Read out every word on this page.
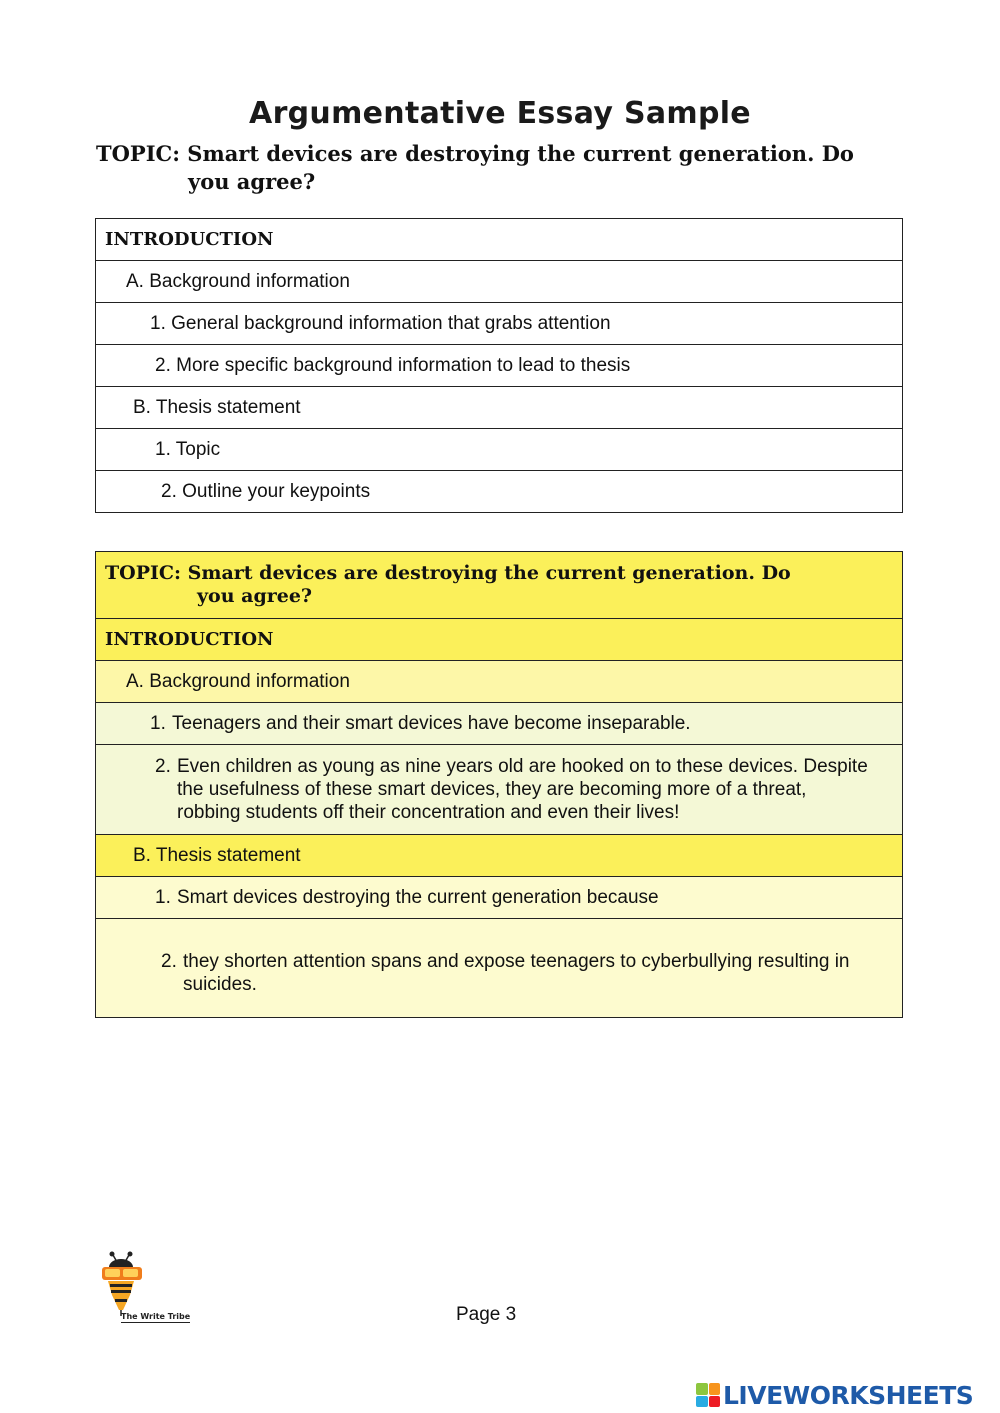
Argumentative Essay Sample
TOPIC: Smart devices are destroying the current generation. Do
you agree?
INTRODUCTION
A. Background information
1. General background information that grabs attention
2. More specific background information to lead to thesis
B. Thesis statement
1. Topic
2. Outline your keypoints
TOPIC: Smart devices are destroying the current generation. Do
you agree?

INTRODUCTION
A. Background information

1. Teenagers and their smart devices have become inseparable.

2. Even children as young as nine years old are hooked on to these devices. Despite the usefulness of these smart devices, they are becoming more of a threat, robbing students off their concentration and even their lives!

B. Thesis statement

1. Smart devices destroying the current generation because

2. they shorten attention spans and expose teenagers to cyberbullying resulting in suicides.
The Write Tribe	Page 3
LIVEWORKSHEETS
